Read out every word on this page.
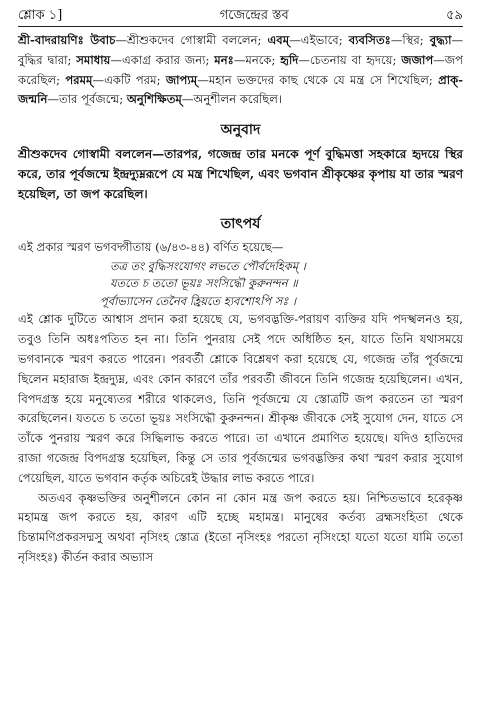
শ্লোক ১]	গজেন্দ্রের স্তব	৫৯

শ্রী-বাদরায়ণিঃ উবাচ—শ্রীশুকদেব গোস্বামী বললেন; এবম্—এইভাবে; ব্যবসিতঃ—স্থির; বুদ্ধ্যা—বুদ্ধির দ্বারা; সমাধায়—একাগ্র করার জন্য; মনঃ—মনকে; হৃদি—চেতনায় বা হৃদয়ে; জজাপ—জপ করেছিল; পরমম্—একটি পরম; জাপ্যম্—মহান ভক্তদের কাছ থেকে যে মন্ত্র সে শিখেছিল; প্রাক্-জন্মনি—তার পূর্বজন্মে; অনুশিক্ষিতম্—অনুশীলন করেছিল।

অনুবাদ

শ্রীশুকদেব গোস্বামী বললেন—তারপর, গজেন্দ্র তার মনকে পূর্ণ বুদ্ধিমত্তা সহকারে হৃদয়ে স্থির করে, তার পূর্বজন্মে ইন্দ্রদ্যুম্নরূপে যে মন্ত্র শিখেছিল, এবং ভগবান শ্রীকৃষ্ণের কৃপায় যা তার স্মরণ হয়েছিল, তা জপ করেছিল।

তাৎপর্য

এই প্রকার স্মরণ ভগবদ্গীতায় (৬/৪৩-৪৪) বর্ণিত হয়েছে—

তত্র তং বুদ্ধিসংযোগং লভতে পৌর্বদেহিকম্ ।

যততে চ ততো ভূয়ঃ সংসিদ্ধৌ কুরুনন্দন ॥

পূর্বাভ্যাসেন তেনৈব হ্রিয়তে হ্যবশোঽপি সঃ ।

এই শ্লোক দুটিতে আশ্বাস প্রদান করা হয়েছে যে, ভগবদ্ভক্তি-পরায়ণ ব্যক্তির যদি পদস্খলনও হয়, তবুও তিনি অধঃপতিত হন না। তিনি পুনরায় সেই পদে অধিষ্ঠিত হন, যাতে তিনি যথাসময়ে ভগবানকে স্মরণ করতে পারেন। পরবর্তী শ্লোকে বিশ্লেষণ করা হয়েছে যে, গজেন্দ্র তাঁর পূর্বজন্মে ছিলেন মহারাজ ইন্দ্রদ্যুম্ন, এবং কোন কারণে তাঁর পরবর্তী জীবনে তিনি গজেন্দ্র হয়েছিলেন। এখন, বিপদগ্রস্ত হয়ে মনুষ্যেতর শরীরে থাকলেও, তিনি পূর্বজন্মে যে স্তোত্রটি জপ করতেন তা স্মরণ করেছিলেন। যততে চ ততো ভূয়ঃ সংসিদ্ধৌ কুরুনন্দন। শ্রীকৃষ্ণ জীবকে সেই সুযোগ দেন, যাতে সে তাঁকে পুনরায় স্মরণ করে সিদ্ধিলাভ করতে পারে। তা এখানে প্রমাণিত হয়েছে। যদিও হাতিদের রাজা গজেন্দ্র বিপদগ্রস্ত হয়েছিল, কিন্তু সে তার পূর্বজন্মের ভগবদ্ভক্তির কথা স্মরণ করার সুযোগ পেয়েছিল, যাতে ভগবান কর্তৃক অচিরেই উদ্ধার লাভ করতে পারে।

অতএব কৃষ্ণভক্তির অনুশীলনে কোন না কোন মন্ত্র জপ করতে হয়। নিশ্চিতভাবে হরেকৃষ্ণ মহামন্ত্র জপ করতে হয়, কারণ এটি হচ্ছে মহামন্ত্র। মানুষের কর্তব্য ব্রহ্মসংহিতা থেকে চিন্তামণিপ্রকরসদ্মসু অথবা নৃসিংহ স্তোত্র (ইতো নৃসিংহঃ পরতো নৃসিংহো যতো যতো যামি ততো নৃসিংহঃ) কীর্তন করার অভ্যাস
